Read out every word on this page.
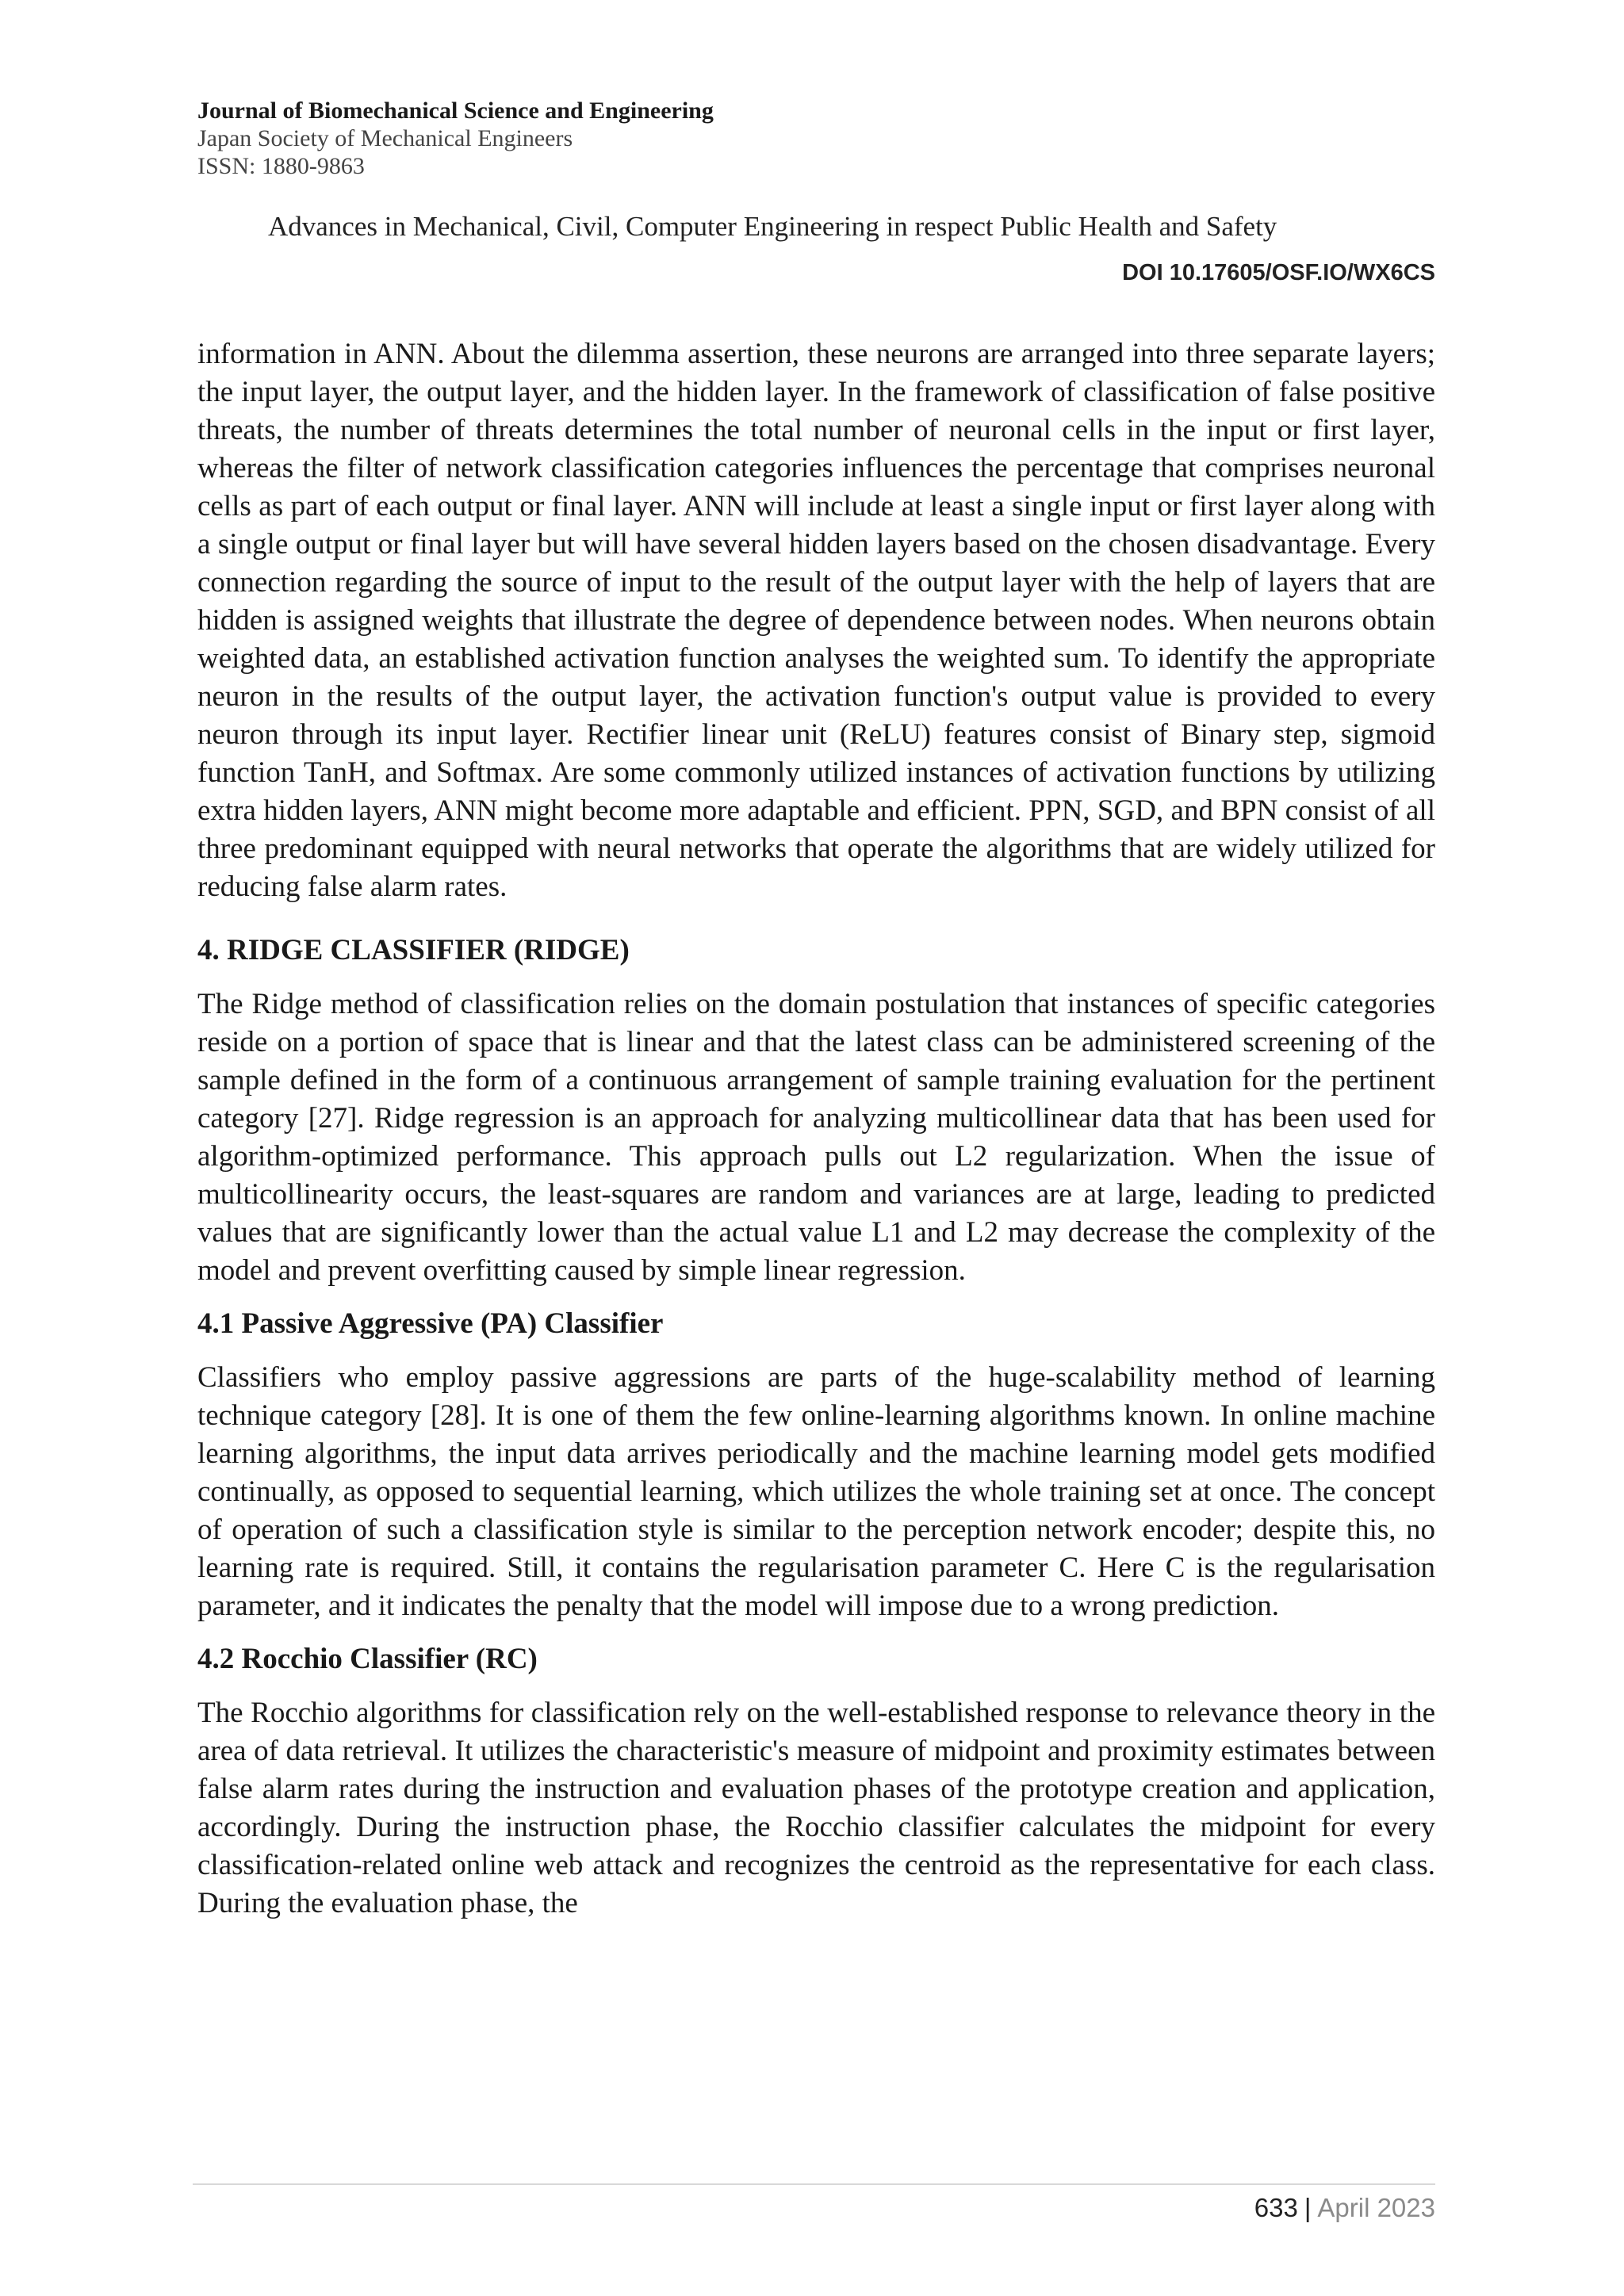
Journal of Biomechanical Science and Engineering
Japan Society of Mechanical Engineers
ISSN: 1880-9863
Advances in Mechanical, Civil, Computer Engineering in respect Public Health and Safety
DOI 10.17605/OSF.IO/WX6CS

information in ANN. About the dilemma assertion, these neurons are arranged into three separate layers; the input layer, the output layer, and the hidden layer. In the framework of classification of false positive threats, the number of threats determines the total number of neuronal cells in the input or first layer, whereas the filter of network classification categories influences the percentage that comprises neuronal cells as part of each output or final layer. ANN will include at least a single input or first layer along with a single output or final layer but will have several hidden layers based on the chosen disadvantage. Every connection regarding the source of input to the result of the output layer with the help of layers that are hidden is assigned weights that illustrate the degree of dependence between nodes. When neurons obtain weighted data, an established activation function analyses the weighted sum. To identify the appropriate neuron in the results of the output layer, the activation function's output value is provided to every neuron through its input layer. Rectifier linear unit (ReLU) features consist of Binary step, sigmoid function TanH, and Softmax. Are some commonly utilized instances of activation functions by utilizing extra hidden layers, ANN might become more adaptable and efficient. PPN, SGD, and BPN consist of all three predominant equipped with neural networks that operate the algorithms that are widely utilized for reducing false alarm rates.

4. RIDGE CLASSIFIER (RIDGE)

The Ridge method of classification relies on the domain postulation that instances of specific categories reside on a portion of space that is linear and that the latest class can be administered screening of the sample defined in the form of a continuous arrangement of sample training evaluation for the pertinent category [27]. Ridge regression is an approach for analyzing multicollinear data that has been used for algorithm-optimized performance. This approach pulls out L2 regularization. When the issue of multicollinearity occurs, the least-squares are random and variances are at large, leading to predicted values that are significantly lower than the actual value L1 and L2 may decrease the complexity of the model and prevent overfitting caused by simple linear regression.

4.1 Passive Aggressive (PA) Classifier

Classifiers who employ passive aggressions are parts of the huge-scalability method of learning technique category [28]. It is one of them the few online-learning algorithms known. In online machine learning algorithms, the input data arrives periodically and the machine learning model gets modified continually, as opposed to sequential learning, which utilizes the whole training set at once. The concept of operation of such a classification style is similar to the perception network encoder; despite this, no learning rate is required. Still, it contains the regularisation parameter C. Here C is the regularisation parameter, and it indicates the penalty that the model will impose due to a wrong prediction.

4.2 Rocchio Classifier (RC)

The Rocchio algorithms for classification rely on the well-established response to relevance theory in the area of data retrieval. It utilizes the characteristic's measure of midpoint and proximity estimates between false alarm rates during the instruction and evaluation phases of the prototype creation and application, accordingly. During the instruction phase, the Rocchio classifier calculates the midpoint for every classification-related online web attack and recognizes the centroid as the representative for each class. During the evaluation phase, the

633 | April 2023
